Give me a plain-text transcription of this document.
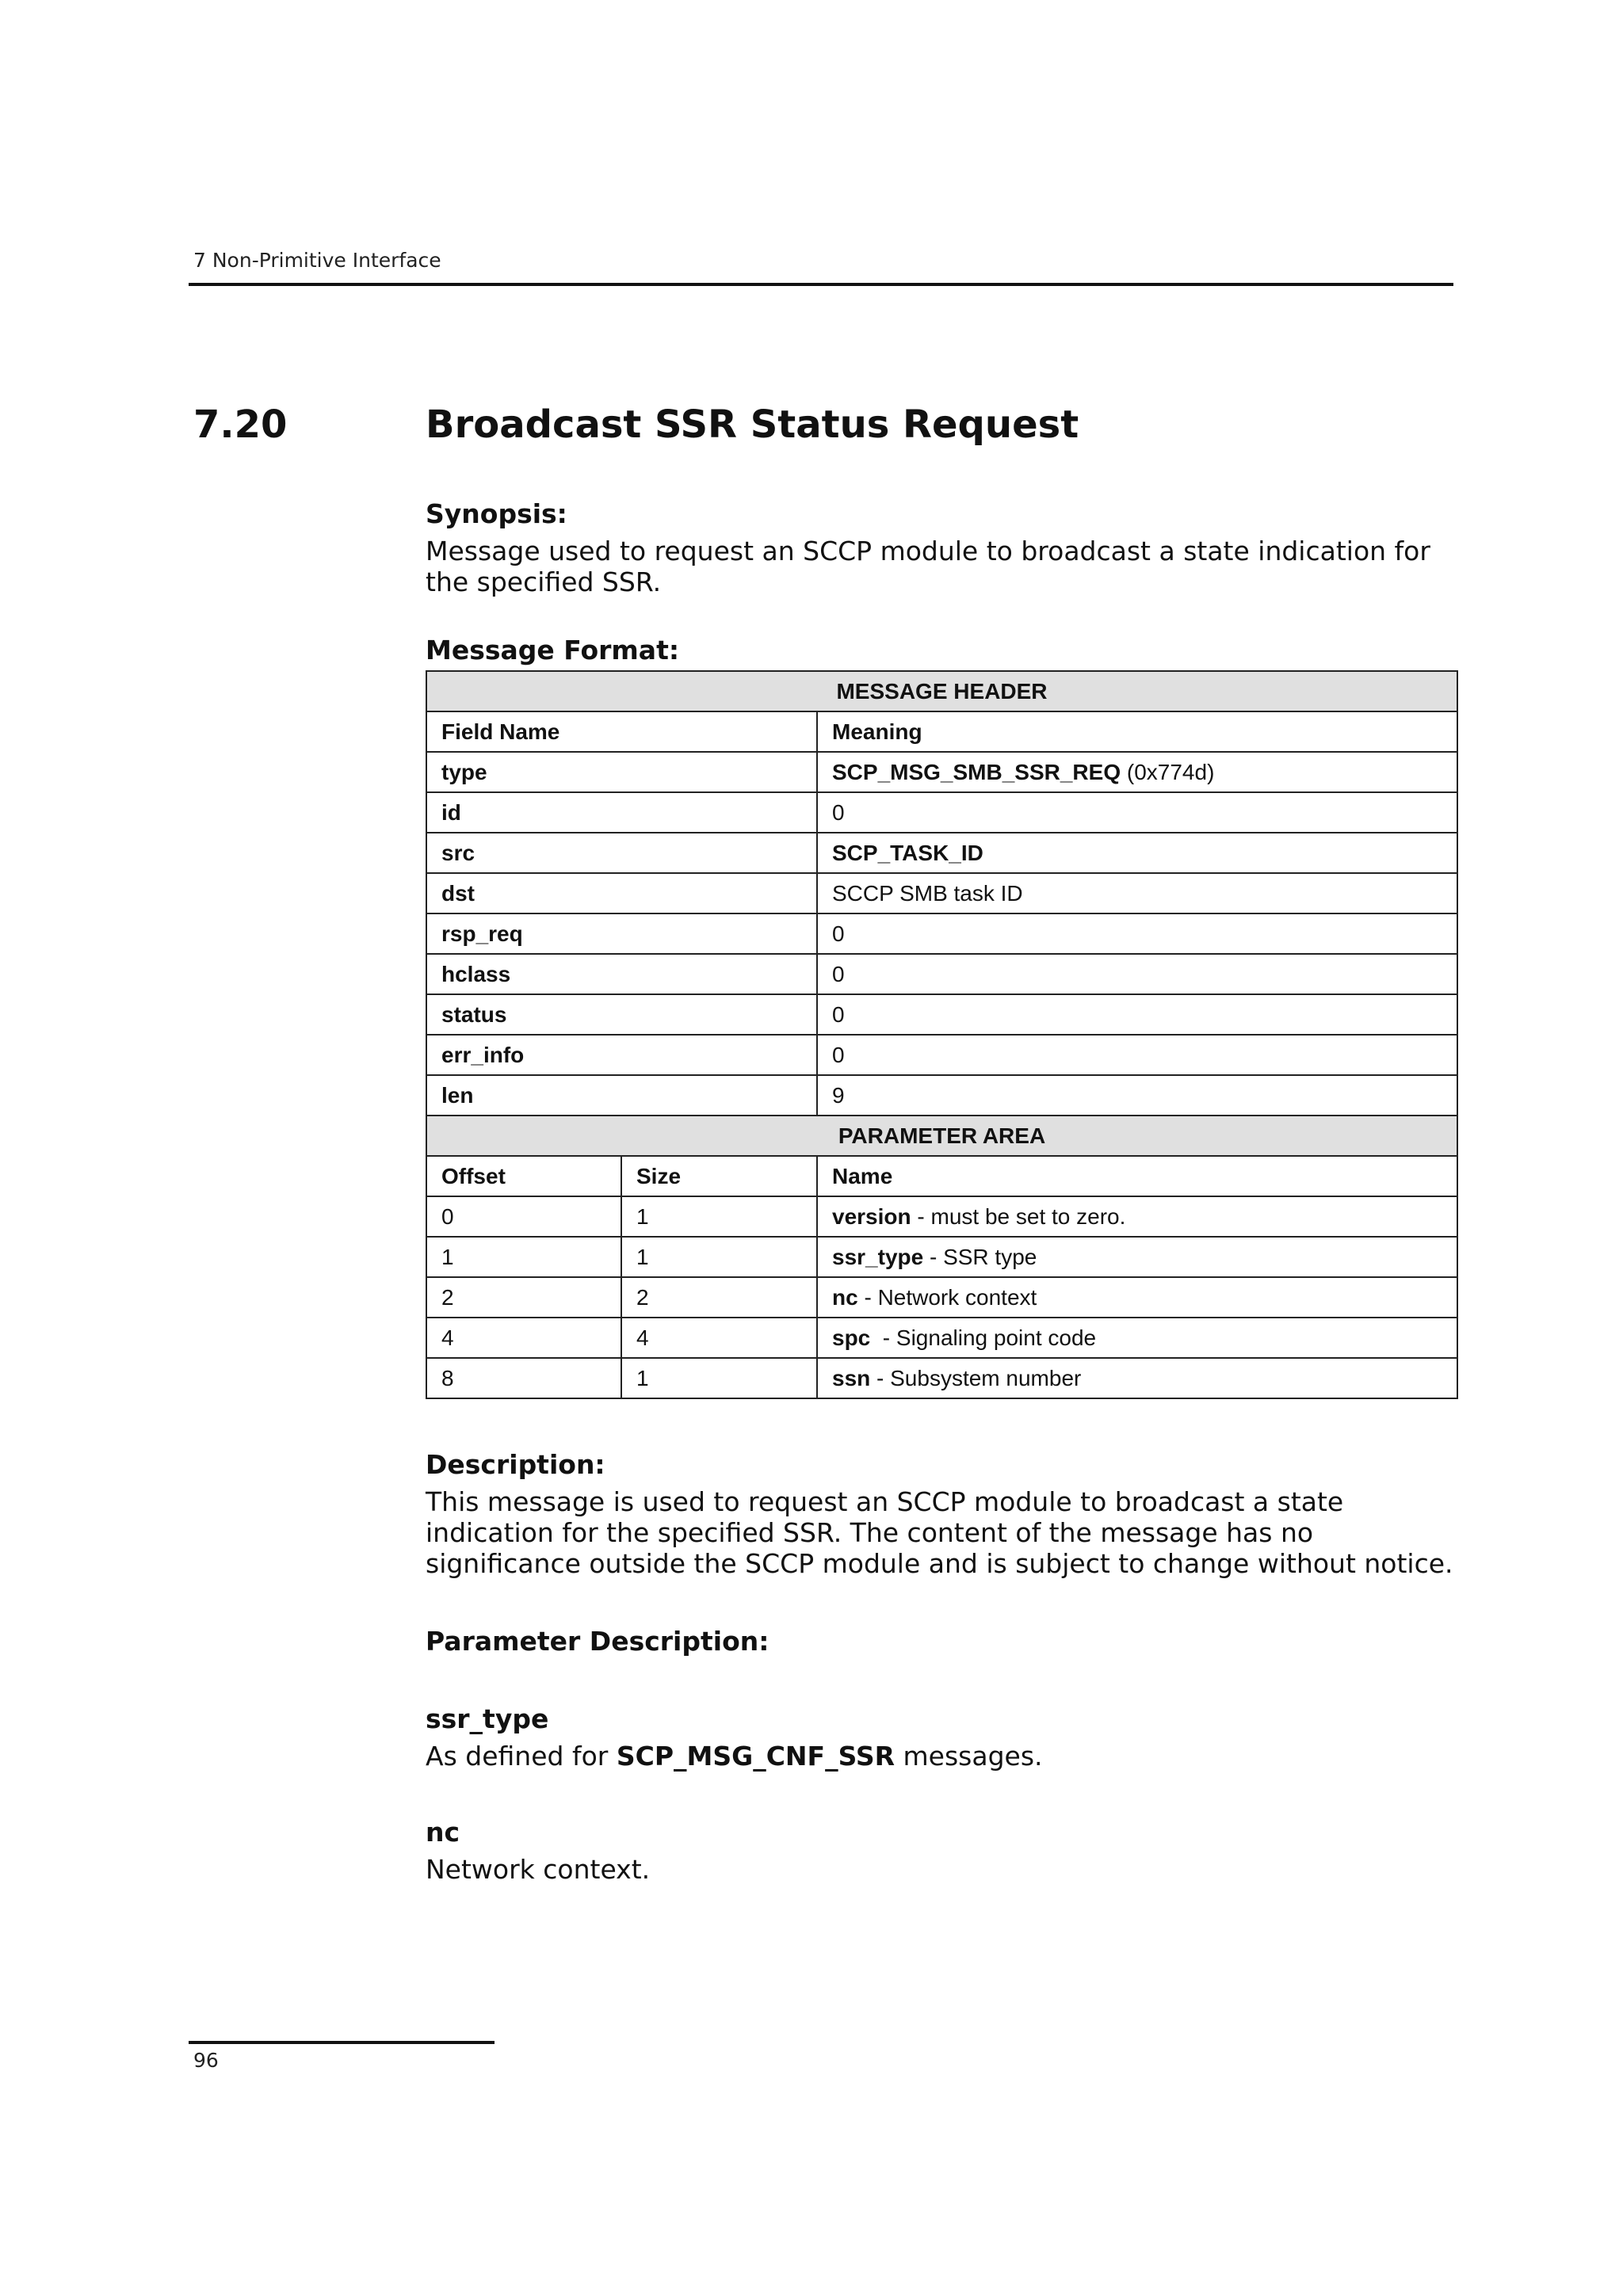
7 Non-Primitive Interface
7.20	Broadcast SSR Status Request

Synopsis:

Message used to request an SCCP module to broadcast a state indication for the specified SSR.

Message Format:

MESSAGE HEADER		
Field Name		Meaning
type		SCP_MSG_SMB_SSR_REQ (0x774d)
id		0
src		SCP_TASK_ID
dst		SCCP SMB task ID
rsp_req		0
hclass		0
status		0
err_info		0
len		9
PARAMETER AREA		
Offset	Size	Name
0	1	version - must be set to zero.
1	1	ssr_type - SSR type
2	2	nc - Network context
4	4	spc  - Signaling point code
8	1	ssn - Subsystem number

Description:

This message is used to request an SCCP module to broadcast a state indication for the specified SSR. The content of the message has no significance outside the SCCP module and is subject to change without notice.

Parameter Description:

ssr_type

As defined for SCP_MSG_CNF_SSR messages.

nc

Network context.

96
